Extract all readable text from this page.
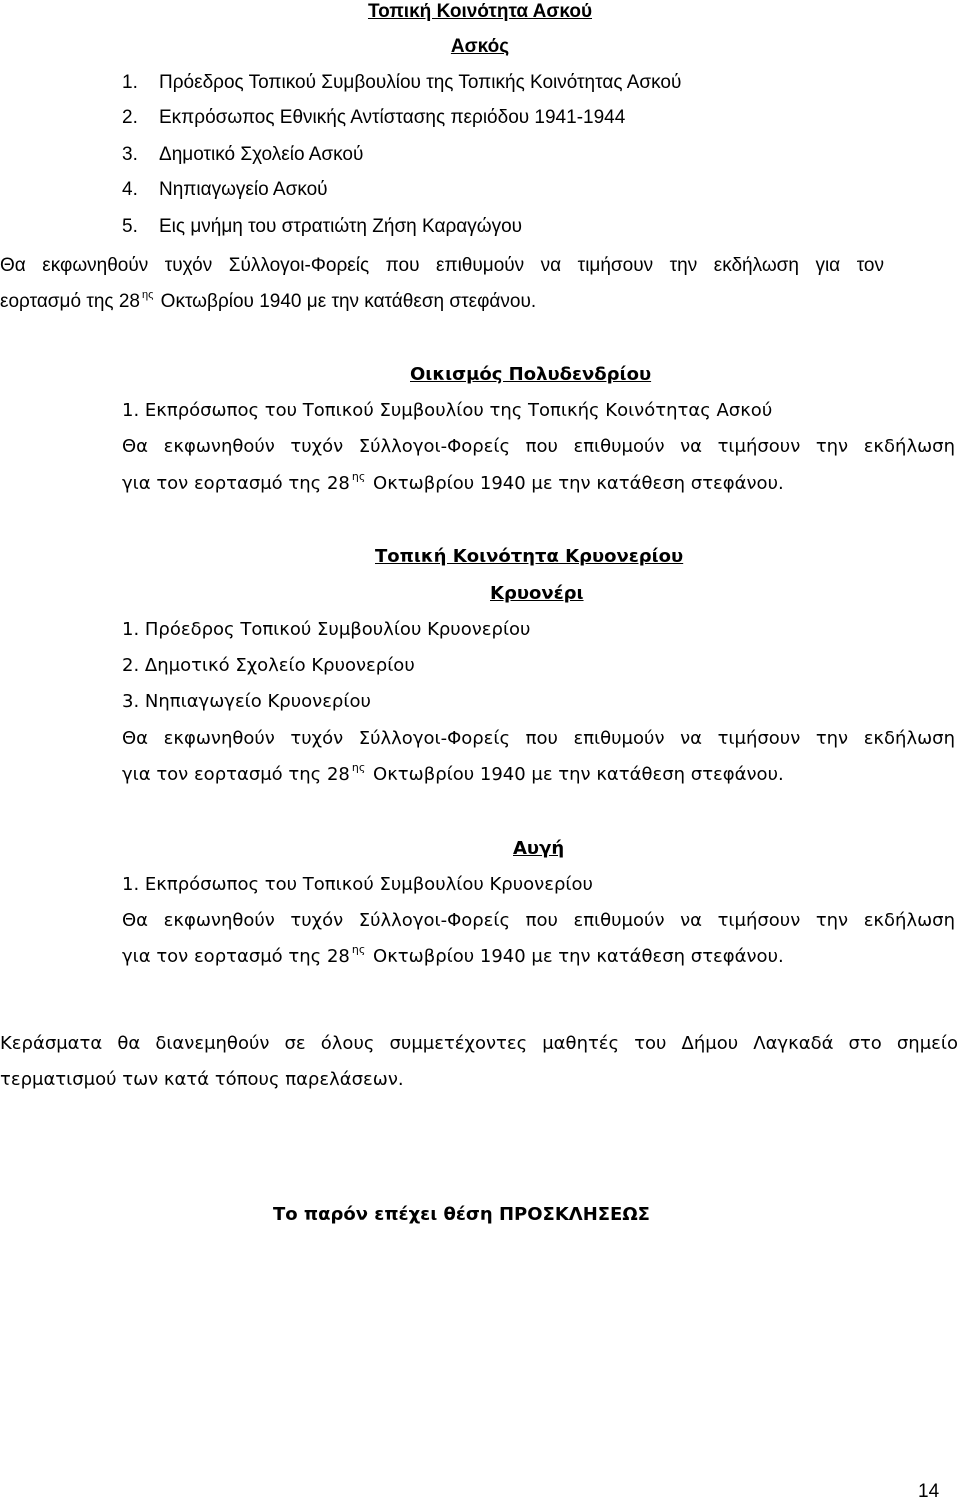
Τοπική Κοινότητα Ασκού
Ασκός
1. Πρόεδρος Τοπικού Συμβουλίου της Τοπικής Κοινότητας Ασκού
2. Εκπρόσωπος Εθνικής Αντίστασης περιόδου 1941-1944
3. Δημοτικό Σχολείο Ασκού
4. Νηπιαγωγείο Ασκού
5. Εις μνήμη του στρατιώτη Ζήση Καραγώγου
Θα εκφωνηθούν τυχόν Σύλλογοι-Φορείς που επιθυμούν να τιμήσουν την εκδήλωση για τον
εορτασμό της 28 $^{\eta\varsigma}$ Οκτωβρίου 1940 με την κατάθεση στεφάνου.
Οικισμός Πολυδενδρίου
1. Εκπρόσωπος του Τοπικού Συμβουλίου της Τοπικής Κοινότητας Ασκού
Θα εκφωνηθούν τυχόν Σύλλογοι-Φορείς που επιθυμούν να τιμήσουν την εκδήλωση
για τον εορτασμό της 28 $^{\eta\varsigma}$ Οκτωβρίου 1940 με την κατάθεση στεφάνου.
Τοπική Κοινότητα Κρυονερίου
Κρυονέρι
1. Πρόεδρος Τοπικού Συμβουλίου Κρυονερίου
2. Δημοτικό Σχολείο Κρυονερίου
3. Νηπιαγωγείο Κρυονερίου
Θα εκφωνηθούν τυχόν Σύλλογοι-Φορείς που επιθυμούν να τιμήσουν την εκδήλωση
για τον εορτασμό της 28 $^{\eta\varsigma}$ Οκτωβρίου 1940 με την κατάθεση στεφάνου.
Αυγή
1. Εκπρόσωπος του Τοπικού Συμβουλίου Κρυονερίου
Θα εκφωνηθούν τυχόν Σύλλογοι-Φορείς που επιθυμούν να τιμήσουν την εκδήλωση
για τον εορτασμό της 28 $^{\eta\varsigma}$ Οκτωβρίου 1940 με την κατάθεση στεφάνου.
Κεράσματα θα διανεμηθούν σε όλους συμμετέχοντες μαθητές του Δήμου Λαγκαδά στο σημείο
τερματισμού των κατά τόπους παρελάσεων.
Το παρόν επέχει θέση ΠΡΟΣΚΛΗΣΕΩΣ
14
